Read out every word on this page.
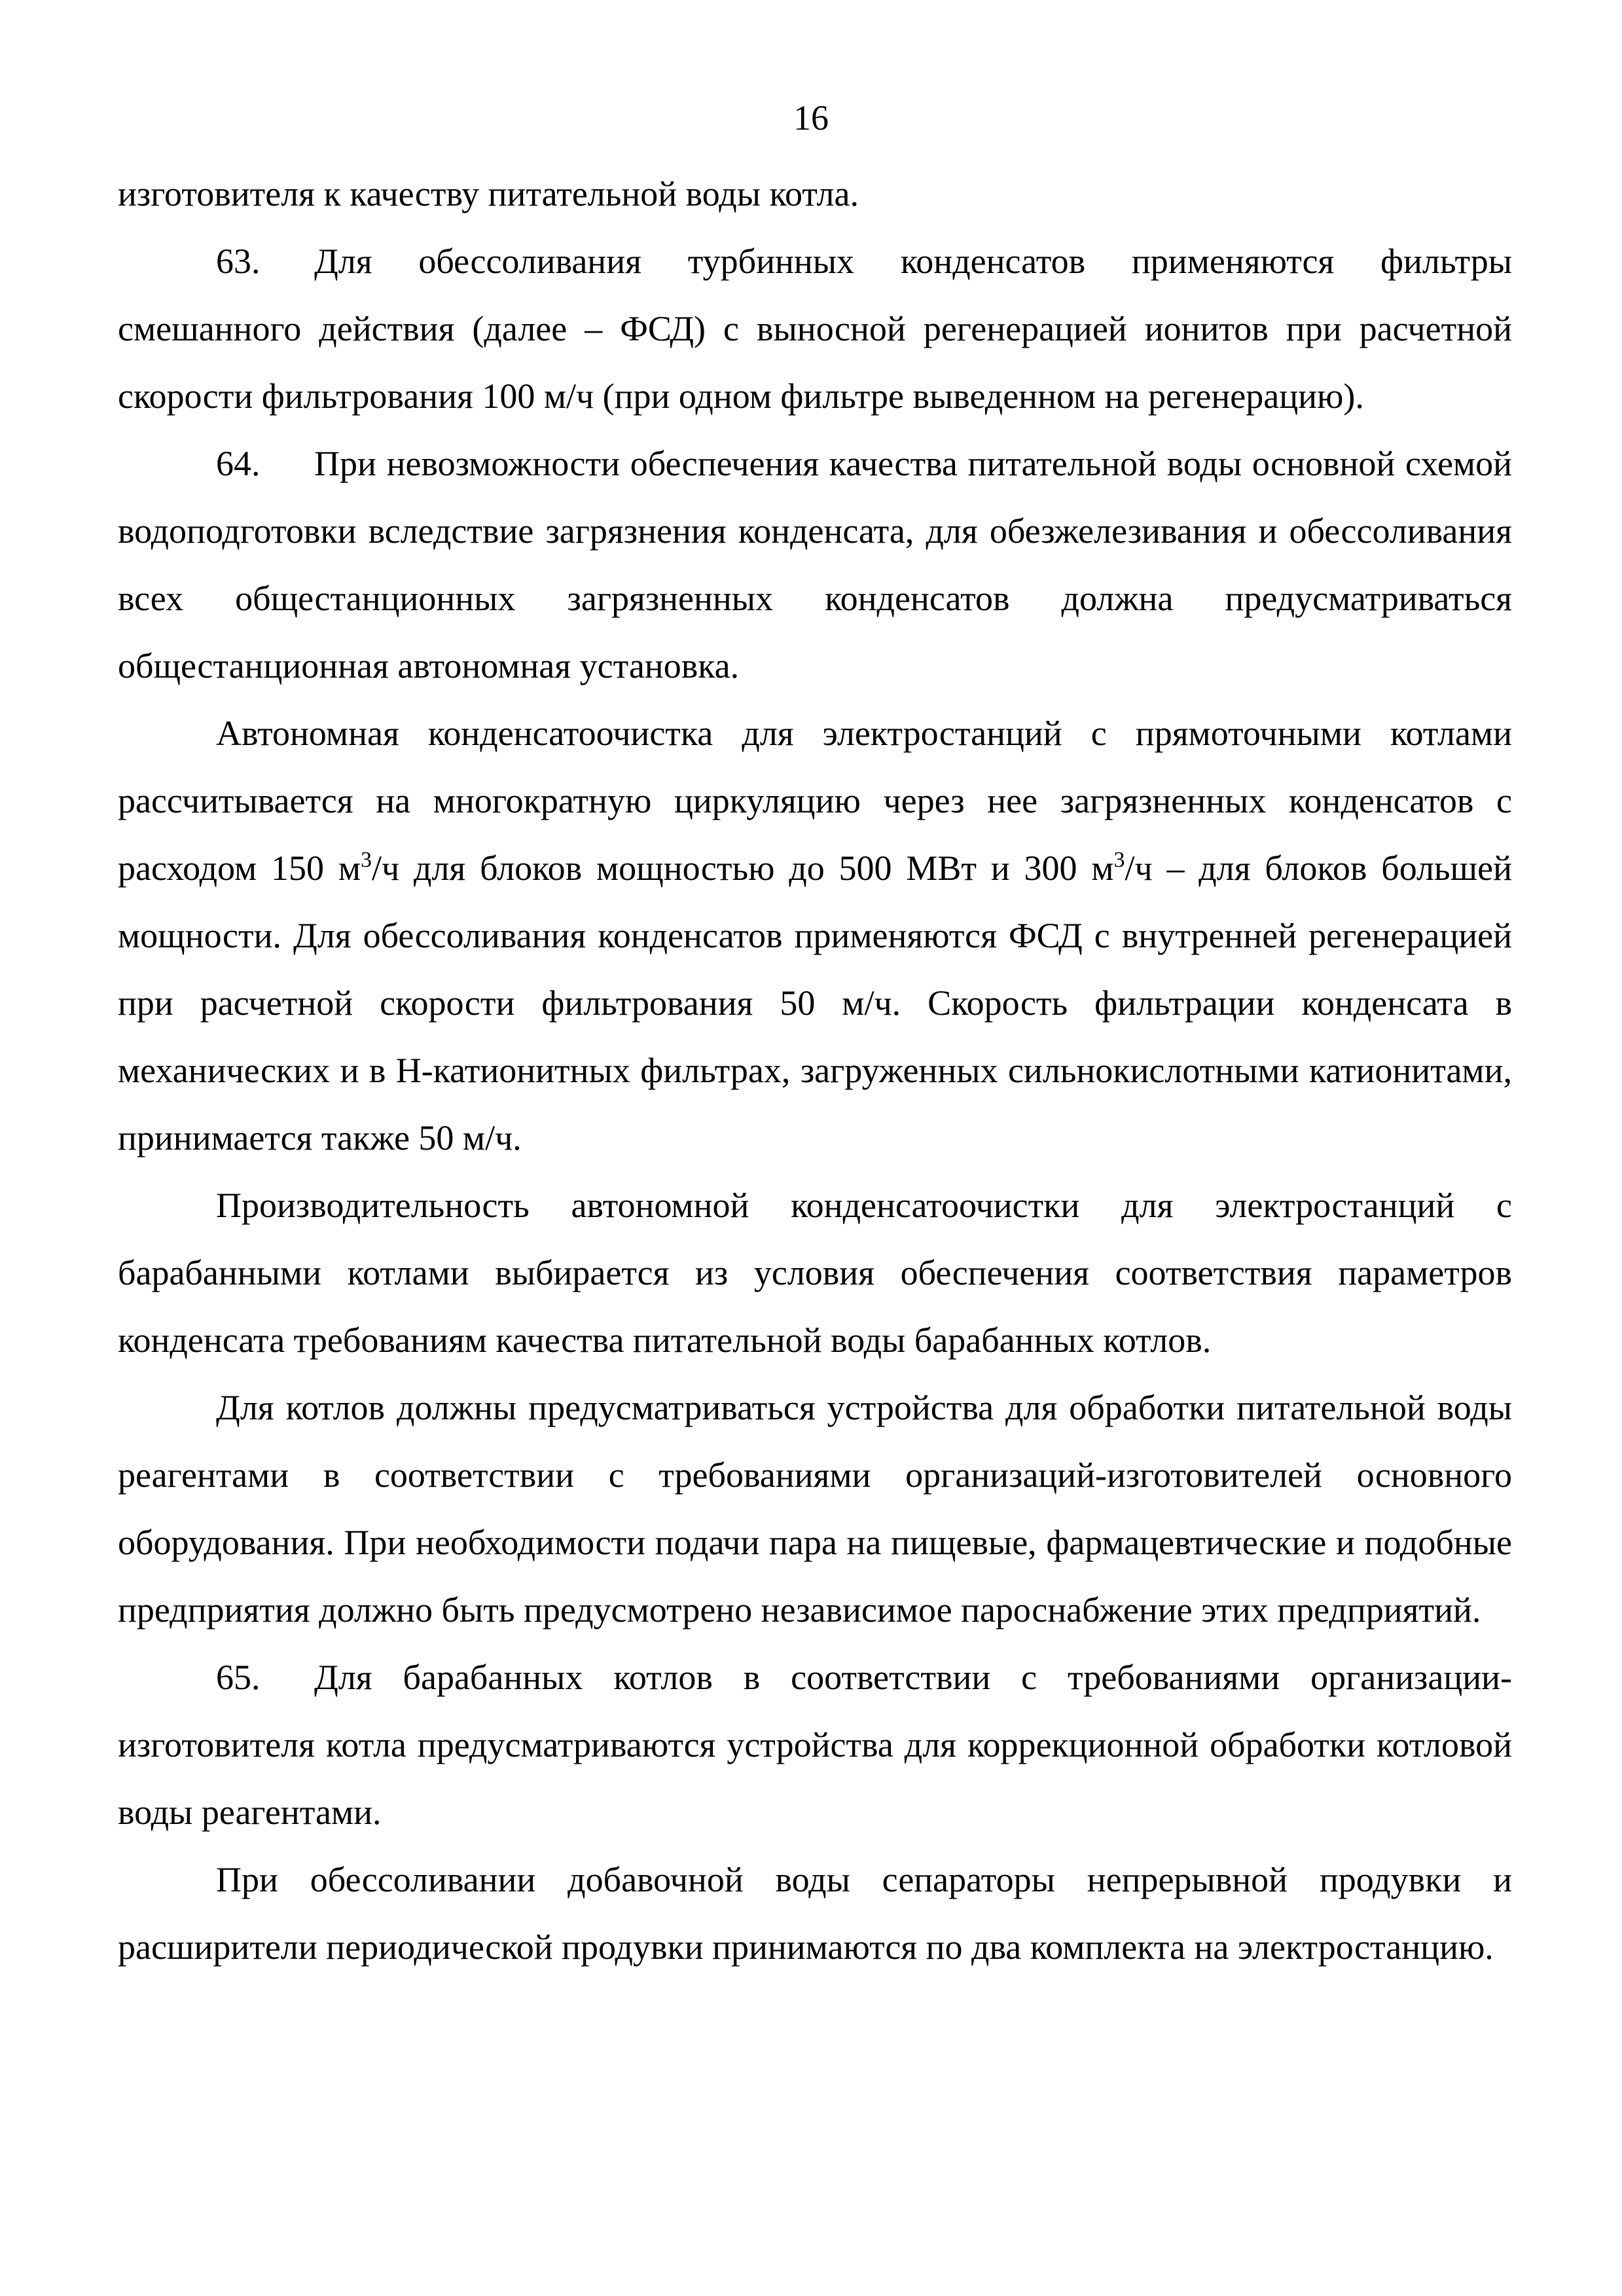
16

изготовителя к качеству питательной воды котла.

63. Для обессоливания турбинных конденсатов применяются фильтры смешанного действия (далее – ФСД) с выносной регенерацией ионитов при расчетной скорости фильтрования 100 м/ч (при одном фильтре выведенном на регенерацию).

64. При невозможности обеспечения качества питательной воды основной схемой водоподготовки вследствие загрязнения конденсата, для обезжелезивания и обессоливания всех общестанционных загрязненных конденсатов должна предусматриваться общестанционная автономная установка.

Автономная конденсатоочистка для электростанций с прямоточными котлами рассчитывается на многократную циркуляцию через нее загрязненных конденсатов с расходом 150 $м^3/ч$ для блоков мощностью до 500 МВт и 300 $м^3/ч$ – для блоков большей мощности. Для обессоливания конденсатов применяются ФСД с внутренней регенерацией при расчетной скорости фильтрования 50 м/ч. Скорость фильтрации конденсата в механических и в Н-катионитных фильтрах, загруженных сильнокислотными катионитами, принимается также 50 м/ч.

Производительность автономной конденсатоочистки для электростанций с барабанными котлами выбирается из условия обеспечения соответствия параметров конденсата требованиям качества питательной воды барабанных котлов.

Для котлов должны предусматриваться устройства для обработки питательной воды реагентами в соответствии с требованиями организаций-изготовителей основного оборудования. При необходимости подачи пара на пищевые, фармацевтические и подобные предприятия должно быть предусмотрено независимое пароснабжение этих предприятий.

65. Для барабанных котлов в соответствии с требованиями организации-изготовителя котла предусматриваются устройства для коррекционной обработки котловой воды реагентами.

При обессоливании добавочной воды сепараторы непрерывной продувки и расширители периодической продувки принимаются по два комплекта на электростанцию.
